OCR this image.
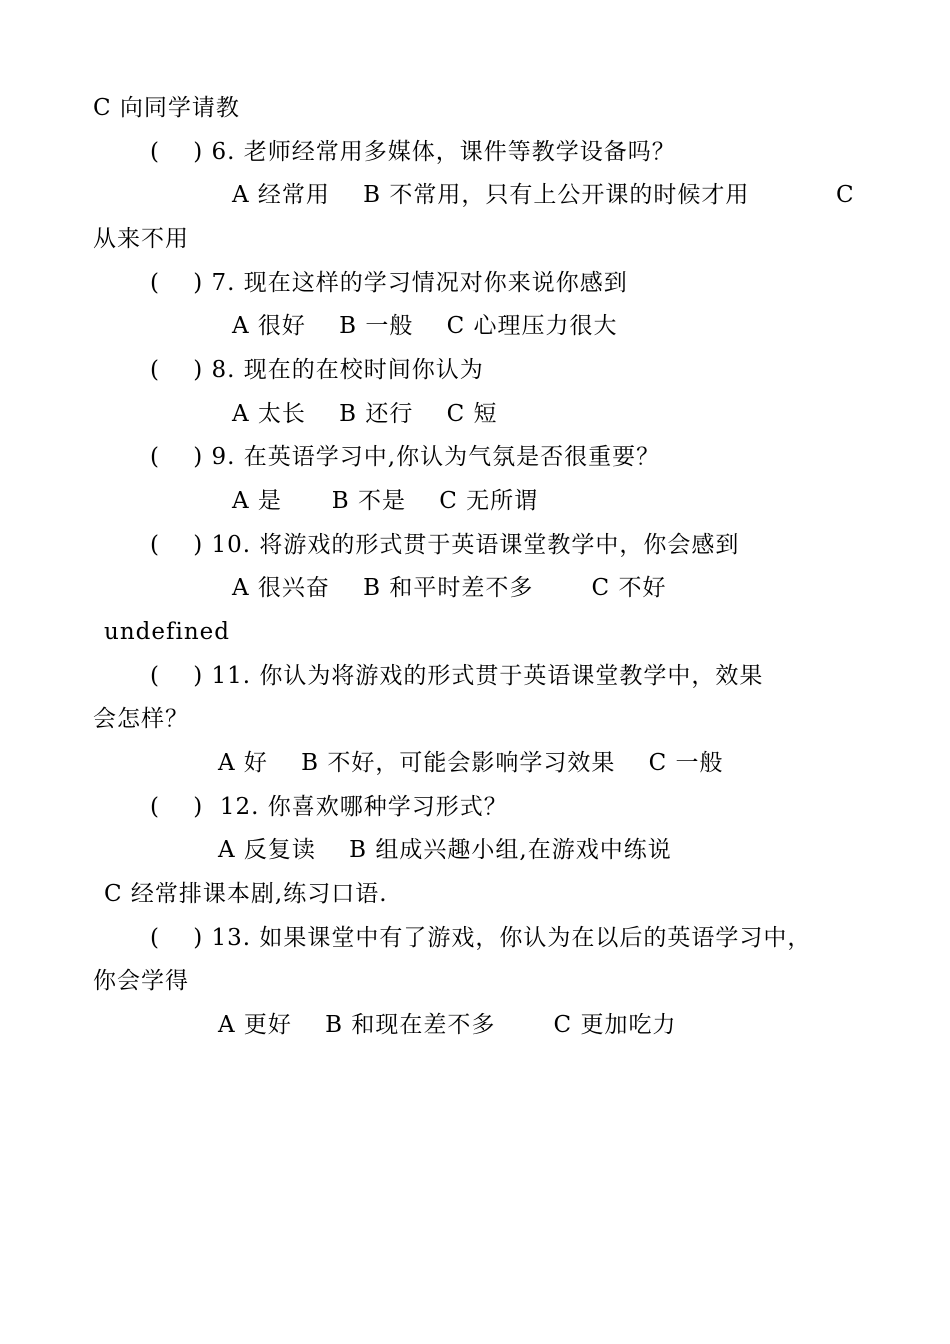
C 向同学请教
(    ) 6. 老师经常用多媒体，课件等教学设备吗？
A 经常用    B 不常用，只有上公开课的时候才用	C
从来不用
(    ) 7. 现在这样的学习情况对你来说你感到
A 很好    B 一般    C 心理压力很大
(    ) 8. 现在的在校时间你认为
A 太长    B 还行    C 短
(    ) 9. 在英语学习中,你认为气氛是否很重要？
A 是      B 不是    C 无所谓
(    ) 10. 将游戏的形式贯于英语课堂教学中，你会感到
A 很兴奋    B 和平时差不多       C 不好
undefined
(    ) 11. 你认为将游戏的形式贯于英语课堂教学中，效果
会怎样？
A 好    B 不好，可能会影响学习效果    C 一般
(    )  12. 你喜欢哪种学习形式？
A 反复读    B 组成兴趣小组,在游戏中练说
C 经常排课本剧,练习口语.
(    ) 13. 如果课堂中有了游戏，你认为在以后的英语学习中，
你会学得
A 更好    B 和现在差不多       C 更加吃力
